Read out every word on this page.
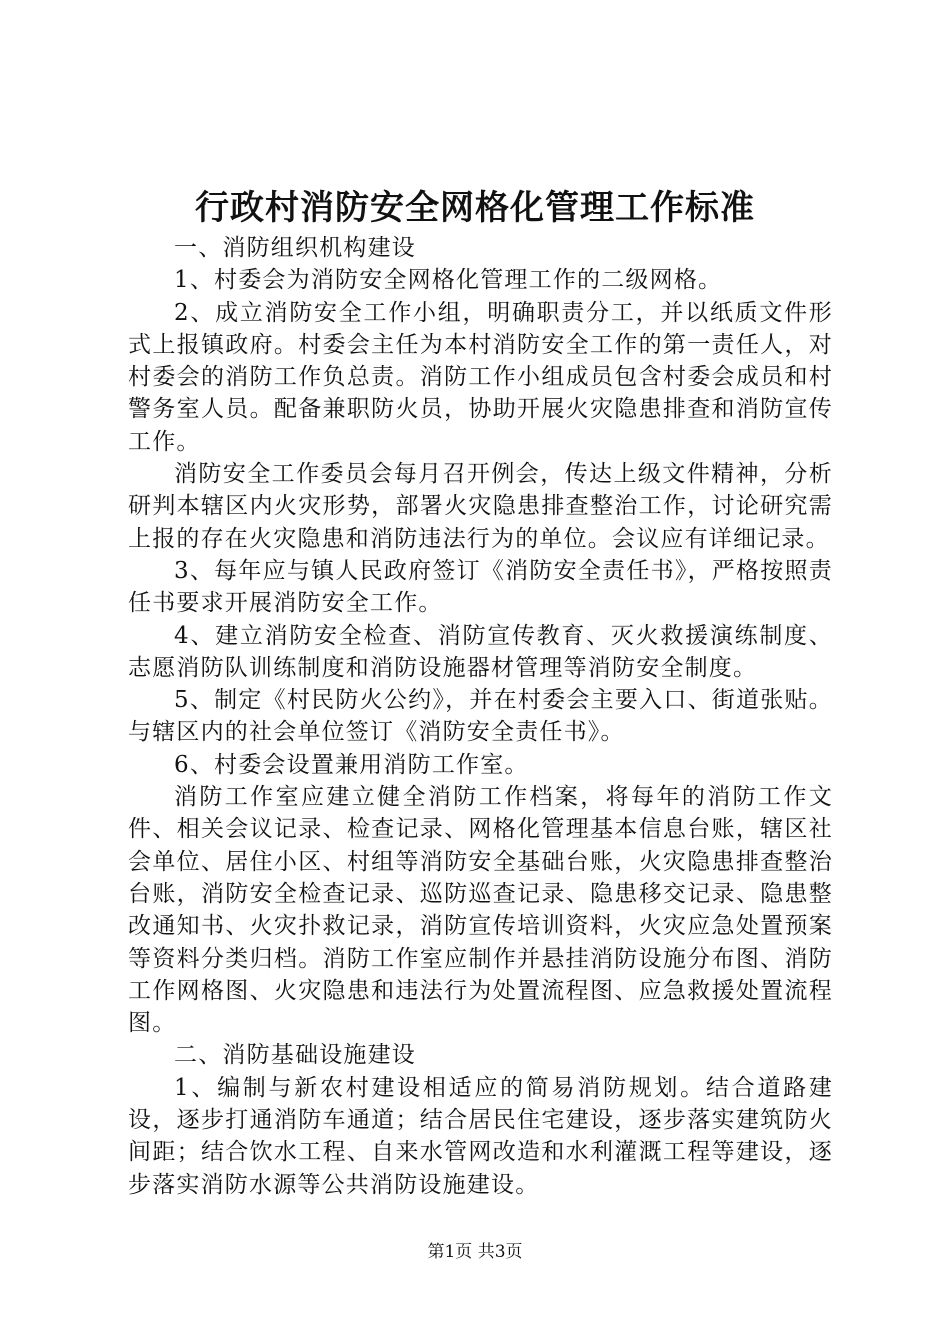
行政村消防安全网格化管理工作标准

一、消防组织机构建设

1、村委会为消防安全网格化管理工作的二级网格。

2、成立消防安全工作小组，明确职责分工，并以纸质文件形式上报镇政府。村委会主任为本村消防安全工作的第一责任人，对村委会的消防工作负总责。消防工作小组成员包含村委会成员和村警务室人员。配备兼职防火员，协助开展火灾隐患排查和消防宣传工作。

消防安全工作委员会每月召开例会，传达上级文件精神，分析研判本辖区内火灾形势，部署火灾隐患排查整治工作，讨论研究需上报的存在火灾隐患和消防违法行为的单位。会议应有详细记录。

3、每年应与镇人民政府签订《消防安全责任书》，严格按照责任书要求开展消防安全工作。

4、建立消防安全检查、消防宣传教育、灭火救援演练制度、志愿消防队训练制度和消防设施器材管理等消防安全制度。

5、制定《村民防火公约》，并在村委会主要入口、街道张贴。与辖区内的社会单位签订《消防安全责任书》。

6、村委会设置兼用消防工作室。

消防工作室应建立健全消防工作档案，将每年的消防工作文件、相关会议记录、检查记录、网格化管理基本信息台账，辖区社会单位、居住小区、村组等消防安全基础台账，火灾隐患排查整治台账，消防安全检查记录、巡防巡查记录、隐患移交记录、隐患整改通知书、火灾扑救记录，消防宣传培训资料，火灾应急处置预案等资料分类归档。消防工作室应制作并悬挂消防设施分布图、消防工作网格图、火灾隐患和违法行为处置流程图、应急救援处置流程图。

二、消防基础设施建设

1、编制与新农村建设相适应的简易消防规划。结合道路建设，逐步打通消防车通道；结合居民住宅建设，逐步落实建筑防火间距；结合饮水工程、自来水管网改造和水利灌溉工程等建设，逐步落实消防水源等公共消防设施建设。

第1页 共3页
